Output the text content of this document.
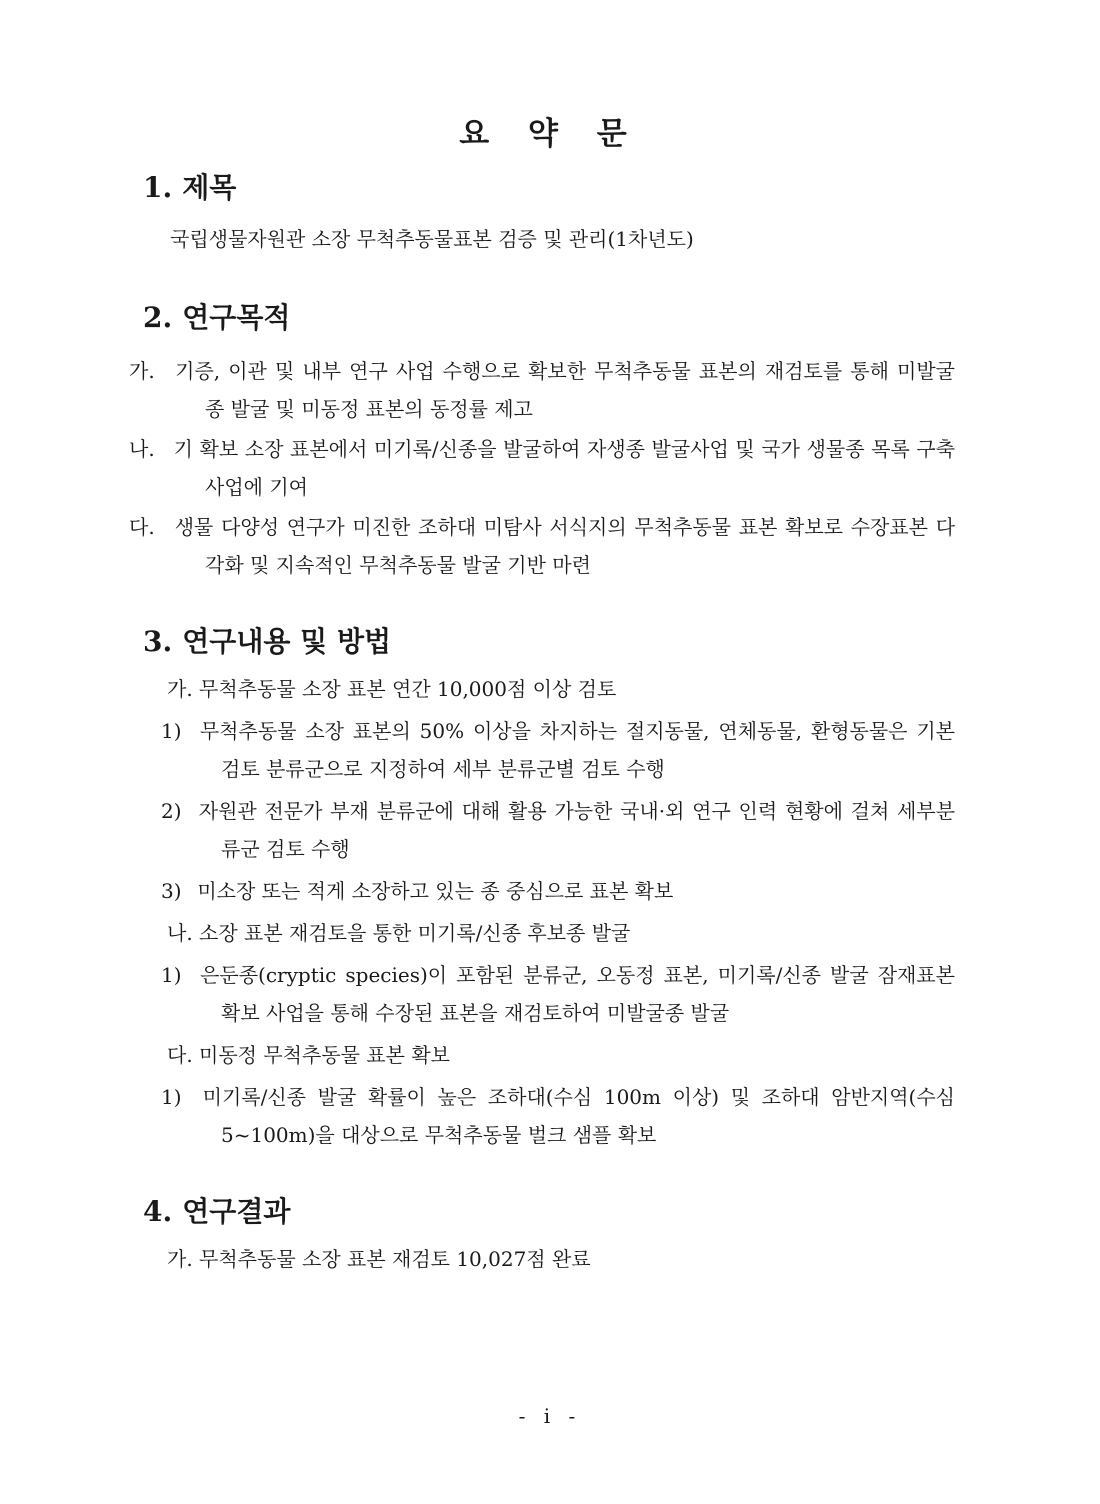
요 약 문
1. 제목

국립생물자원관 소장 무척추동물표본 검증 및 관리(1차년도)

2. 연구목적

가. 기증, 이관 및 내부 연구 사업 수행으로 확보한 무척추동물 표본의 재검토를 통해 미발굴 종 발굴 및 미동정 표본의 동정률 제고

나. 기 확보 소장 표본에서 미기록/신종을 발굴하여 자생종 발굴사업 및 국가 생물종 목록 구축 사업에 기여

다. 생물 다양성 연구가 미진한 조하대 미탐사 서식지의 무척추동물 표본 확보로 수장표본 다각화 및 지속적인 무척추동물 발굴 기반 마련

3. 연구내용 및 방법

가. 무척추동물 소장 표본 연간 10,000점 이상 검토

1) 무척추동물 소장 표본의 50% 이상을 차지하는 절지동물, 연체동물, 환형동물은 기본 검토 분류군으로 지정하여 세부 분류군별 검토 수행

2) 자원관 전문가 부재 분류군에 대해 활용 가능한 국내·외 연구 인력 현황에 걸쳐 세부분류군 검토 수행

3) 미소장 또는 적게 소장하고 있는 종 중심으로 표본 확보

나. 소장 표본 재검토을 통한 미기록/신종 후보종 발굴

1) 은둔종(cryptic species)이 포함된 분류군, 오동정 표본, 미기록/신종 발굴 잠재표본 확보 사업을 통해 수장된 표본을 재검토하여 미발굴종 발굴

다. 미동정 무척추동물 표본 확보

1) 미기록/신종 발굴 확률이 높은 조하대(수심 100m 이상) 및 조하대 암반지역(수심 5~100m)을 대상으로 무척추동물 벌크 샘플 확보

4. 연구결과

가. 무척추동물 소장 표본 재검토 10,027점 완료

- i -
